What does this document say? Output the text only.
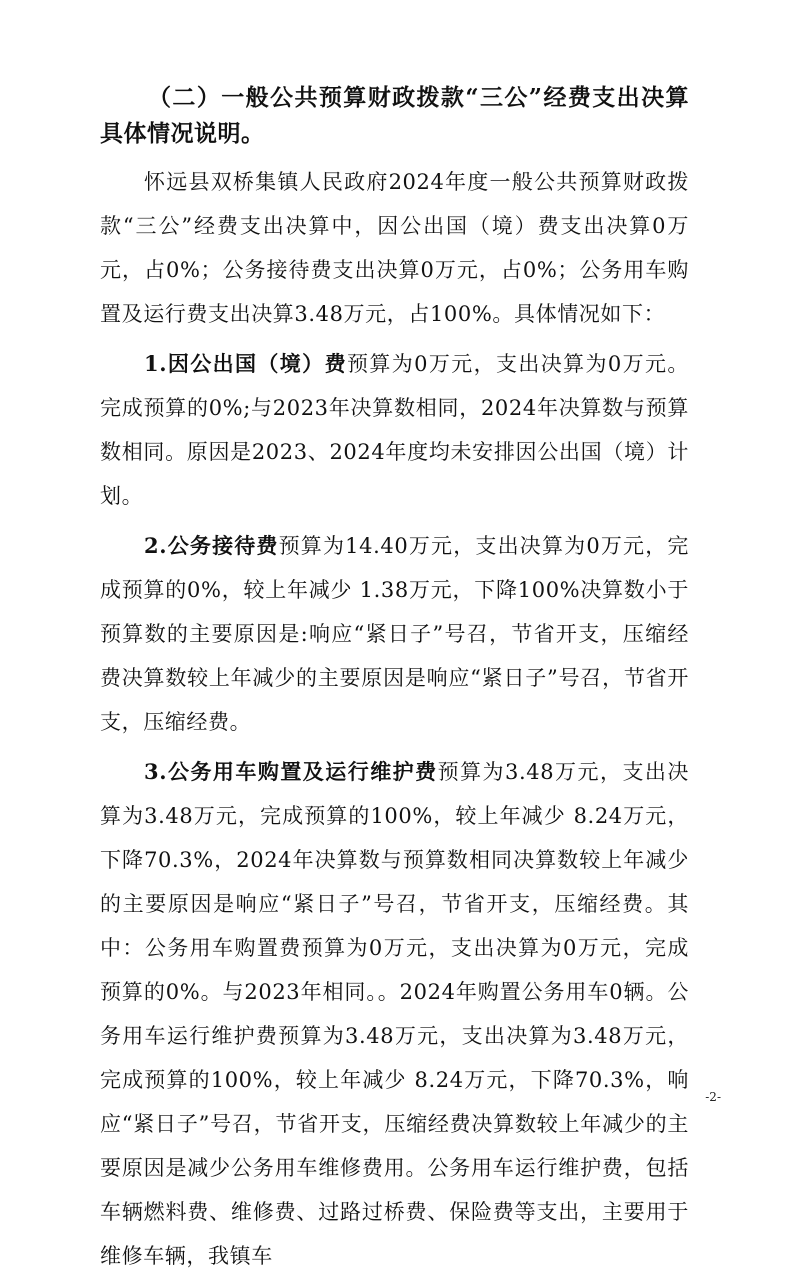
（二）一般公共预算财政拨款“三公”经费支出决算具体情况说明。

怀远县双桥集镇人民政府2024年度一般公共预算财政拨款“三公”经费支出决算中，因公出国（境）费支出决算0万元，占0%；公务接待费支出决算0万元，占0%；公务用车购置及运行费支出决算3.48万元，占100%。具体情况如下：

1.因公出国（境）费预算为0万元，支出决算为0万元。完成预算的0%;与2023年决算数相同，2024年决算数与预算数相同。原因是2023、2024年度均未安排因公出国（境）计划。

2.公务接待费预算为14.40万元，支出决算为0万元，完成预算的0%，较上年减少 1.38万元，下降100%决算数小于预算数的主要原因是:响应“紧日子”号召，节省开支，压缩经费决算数较上年减少的主要原因是响应“紧日子”号召，节省开支，压缩经费。

3.公务用车购置及运行维护费预算为3.48万元，支出决算为3.48万元，完成预算的100%，较上年减少 8.24万元，下降70.3%，2024年决算数与预算数相同决算数较上年减少的主要原因是响应“紧日子”号召，节省开支，压缩经费。其中：公务用车购置费预算为0万元，支出决算为0万元，完成预算的0%。与2023年相同。。2024年购置公务用车0辆。公务用车运行维护费预算为3.48万元，支出决算为3.48万元，完成预算的100%，较上年减少 8.24万元，下降70.3%，响应“紧日子”号召，节省开支，压缩经费决算数较上年减少的主要原因是减少公务用车维修费用。公务用车运行维护费，包括车辆燃料费、维修费、过路过桥费、保险费等支出，主要用于维修车辆，我镇车

-2-
